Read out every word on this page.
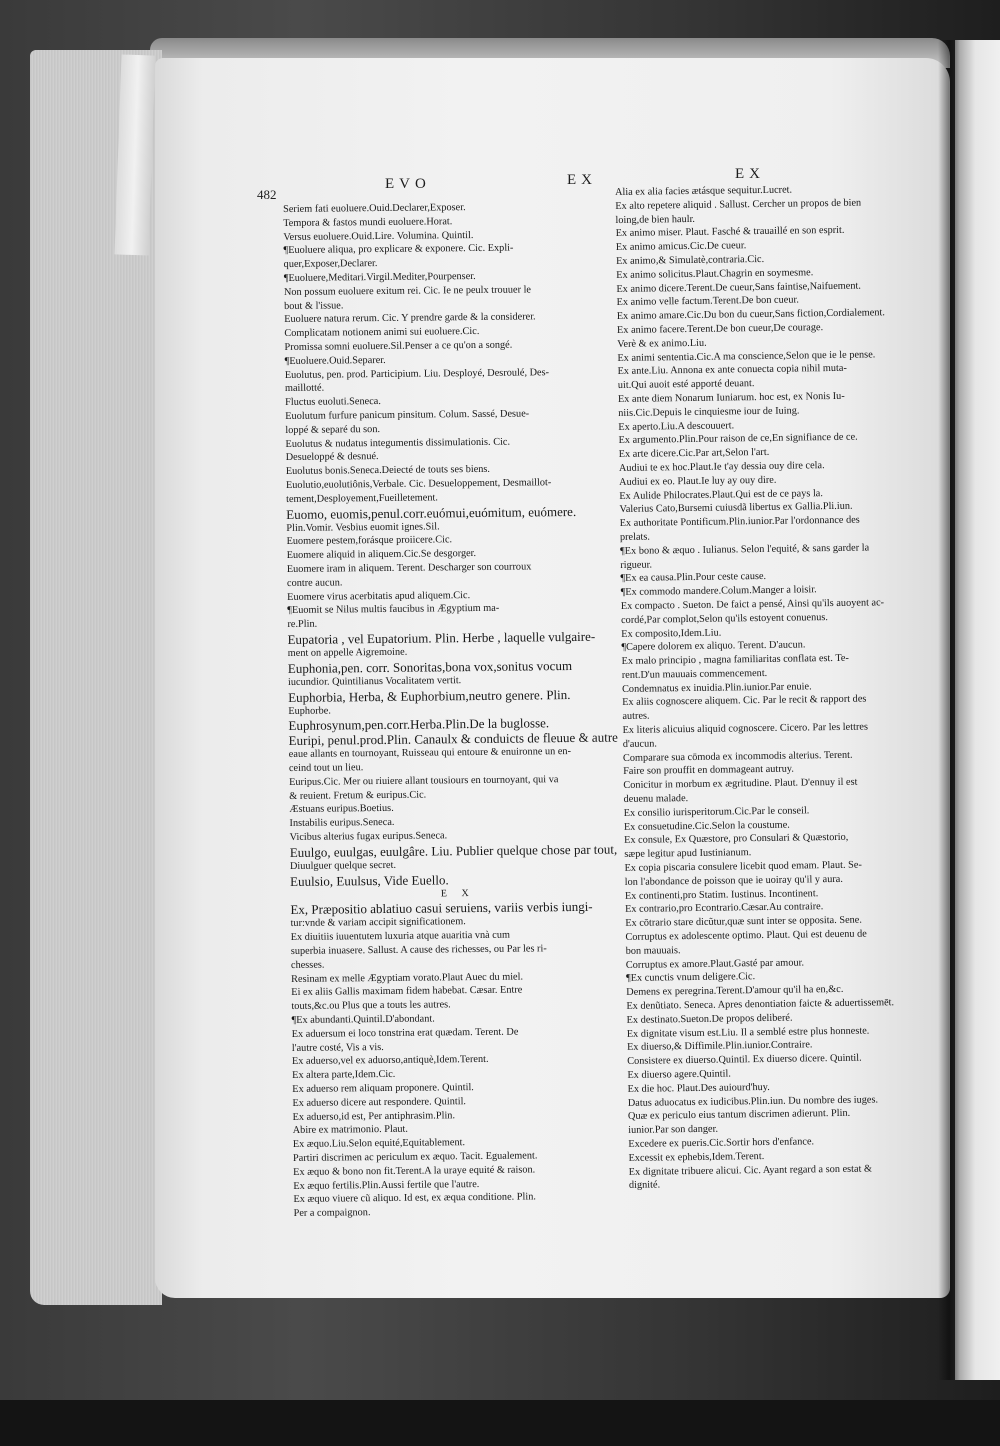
482
EVO	EX	EX
Seriem fati euoluere.Ouid.Declarer,Exposer.
Tempora & fastos mundi euoluere.Horat.
Versus euoluere.Ouid.Lire. Volumina. Quintil.
¶Euoluere aliqua, pro explicare & exponere. Cic. Expli-
quer,Exposer,Declarer.
¶Euoluere,Meditari.Virgil.Mediter,Pourpenser.
Non possum euoluere exitum rei. Cic. Ie ne peulx trouuer le
bout & l'issue.
Euoluere natura rerum. Cic. Y prendre garde & la considerer.
Complicatam notionem animi sui euoluere.Cic.
Promissa somni euoluere.Sil.Penser a ce qu'on a songé.
¶Euoluere.Ouid.Separer.
Euolutus, pen. prod. Participium. Liu. Desployé, Desroulé, Des-
maillotté.
Fluctus euoluti.Seneca.
Euolutum furfure panicum pinsitum. Colum. Sassé, Desue-
loppé & separé du son.
Euolutus & nudatus integumentis dissimulationis. Cic.
Desueloppé & desnué.
Euolutus bonis.Seneca.Deiecté de touts ses biens.
Euolutio,euolutiônis,Verbale. Cic. Desueloppement, Desmaillot-
tement,Desployement,Fueilletement.
Euomo, euomis,penul.corr.euómui,euómitum, euómere.
Plin.Vomir. Vesbius euomit ignes.Sil.
Euomere pestem,forásque proiicere.Cic.
Euomere aliquid in aliquem.Cic.Se desgorger.
Euomere iram in aliquem. Terent. Descharger son courroux
contre aucun.
Euomere virus acerbitatis apud aliquem.Cic.
¶Euomit se Nilus multis faucibus in Ægyptium ma-
re.Plin.
Eupatoria , vel Eupatorium. Plin. Herbe , laquelle vulgaire-
ment on appelle Aigremoine.
Euphonia,pen. corr. Sonoritas,bona vox,sonitus vocum
iucundior. Quintilianus Vocalitatem vertit.
Euphorbia, Herba, & Euphorbium,neutro genere. Plin.
Euphorbe.
Euphrosynum,pen.corr.Herba.Plin.De la buglosse.
Euripi, penul.prod.Plin. Canaulx & conduicts de fleuue & autre
eaue allants en tournoyant, Ruisseau qui entoure & enuironne un en-
ceind tout un lieu.
Euripus.Cic. Mer ou riuiere allant tousiours en tournoyant, qui va
& reuient. Fretum & euripus.Cic.
Æstuans euripus.Boetius.
Instabilis euripus.Seneca.
Vicibus alterius fugax euripus.Seneca.
Euulgo, euulgas, euulgâre. Liu. Publier quelque chose par tout,
Diuulguer quelque secret.
Euulsio, Euulsus, Vide Euello.
E X
Ex, Præpositio ablatiuo casui seruiens, variis verbis iungi-
tur:vnde & variam accipit significationem.
Ex diuitiis iuuentutem luxuria atque auaritia vnà cum
superbia inuasere. Sallust. A cause des richesses, ou Par les ri-
chesses.
Resinam ex melle Ægyptiam vorato.Plaut Auec du miel.
Ei ex aliis Gallis maximam fidem habebat. Cæsar. Entre
touts,&c.ou Plus que a touts les autres.
¶Ex abundanti.Quintil.D'abondant.
Ex aduersum ei loco tonstrina erat quædam. Terent. De
l'autre costé, Vis a vis.
Ex aduerso,vel ex aduorso,antiquè,Idem.Terent.
Ex altera parte,Idem.Cic.
Ex aduerso rem aliquam proponere. Quintil.
Ex aduerso dicere aut respondere. Quintil.
Ex aduerso,id est, Per antiphrasim.Plin.
Abire ex matrimonio. Plaut.
Ex æquo.Liu.Selon equité,Equitablement.
Partiri discrimen ac periculum ex æquo. Tacit. Egualement.
Ex æquo & bono non fit.Terent.A la uraye equité & raison.
Ex æquo fertilis.Plin.Aussi fertile que l'autre.
Ex æquo viuere cũ aliquo. Id est, ex æqua conditione. Plin.
Per a compaignon.
Alia ex alia facies ætásque sequitur.Lucret.
Ex alto repetere aliquid . Sallust. Cercher un propos de bien
loing,de bien haulr.
Ex animo miser. Plaut. Fasché & trauaillé en son esprit.
Ex animo amicus.Cic.De cueur.
Ex animo,& Simulatè,contraria.Cic.
Ex animo solicitus.Plaut.Chagrin en soymesme.
Ex animo dicere.Terent.De cueur,Sans faintise,Naifuement.
Ex animo velle factum.Terent.De bon cueur.
Ex animo amare.Cic.Du bon du cueur,Sans fiction,Cordialement.
Ex animo facere.Terent.De bon cueur,De courage.
Verè & ex animo.Liu.
Ex animi sententia.Cic.A ma conscience,Selon que ie le pense.
Ex ante.Liu. Annona ex ante conuecta copia nihil muta-
uit.Qui auoit esté apporté deuant.
Ex ante diem Nonarum Iuniarum. hoc est, ex Nonis Iu-
niis.Cic.Depuis le cinquiesme iour de Iuing.
Ex aperto.Liu.A descouuert.
Ex argumento.Plin.Pour raison de ce,En signifiance de ce.
Ex arte dicere.Cic.Par art,Selon l'art.
Audiui te ex hoc.Plaut.Ie t'ay dessia ouy dire cela.
Audiui ex eo. Plaut.Ie luy ay ouy dire.
Ex Aulide Philocrates.Plaut.Qui est de ce pays la.
Valerius Cato,Bursemi cuiusdã libertus ex Gallia.Pli.iun.
Ex authoritate Pontificum.Plin.iunior.Par l'ordonnance des
prelats.
¶Ex bono & æquo . Iulianus. Selon l'equité, & sans garder la
rigueur.
¶Ex ea causa.Plin.Pour ceste cause.
¶Ex commodo mandere.Colum.Manger a loisir.
Ex compacto . Sueton. De faict a pensé, Ainsi qu'ils auoyent ac-
cordé,Par complot,Selon qu'ils estoyent conuenus.
Ex composito,Idem.Liu.
¶Capere dolorem ex aliquo. Terent. D'aucun.
Ex malo principio , magna familiaritas conflata est. Te-
rent.D'un mauuais commencement.
Condemnatus ex inuidia.Plin.iunior.Par enuie.
Ex aliis cognoscere aliquem. Cic. Par le recit & rapport des
autres.
Ex literis alicuius aliquid cognoscere. Cicero. Par les lettres
d'aucun.
Comparare sua cōmoda ex incommodis alterius. Terent.
Faire son prouffit en dommageant autruy.
Conicitur in morbum ex ægritudine. Plaut. D'ennuy il est
deuenu malade.
Ex consilio iurisperitorum.Cic.Par le conseil.
Ex consuetudine.Cic.Selon la coustume.
Ex consule, Ex Quæstore, pro Consulari & Quæstorio,
sæpe legitur apud Iustinianum.
Ex copia piscaria consulere licebit quod emam. Plaut. Se-
lon l'abondance de poisson que ie uoiray qu'il y aura.
Ex continenti,pro Statim. Iustinus. Incontinent.
Ex contrario,pro Econtrario.Cæsar.Au contraire.
Ex cōtrario stare dicũtur,quæ sunt inter se opposita. Sene.
Corruptus ex adolescente optimo. Plaut. Qui est deuenu de
bon mauuais.
Corruptus ex amore.Plaut.Gasté par amour.
¶Ex cunctis vnum deligere.Cic.
Demens ex peregrina.Terent.D'amour qu'il ha en,&c.
Ex denũtiato. Seneca. Apres denontiation faicte & aduertissemēt.
Ex destinato.Sueton.De propos deliberé.
Ex dignitate visum est.Liu. Il a semblé estre plus honneste.
Ex diuerso,& Diffimile.Plin.iunior.Contraire.
Consistere ex diuerso.Quintil. Ex diuerso dicere. Quintil.
Ex diuerso agere.Quintil.
Ex die hoc. Plaut.Des auiourd'huy.
Datus aduocatus ex iudicibus.Plin.iun. Du nombre des iuges.
Quæ ex periculo eius tantum discrimen adierunt. Plin.
iunior.Par son danger.
Excedere ex pueris.Cic.Sortir hors d'enfance.
Excessit ex ephebis,Idem.Terent.
Ex dignitate tribuere alicui. Cic. Ayant regard a son estat &
dignité.
